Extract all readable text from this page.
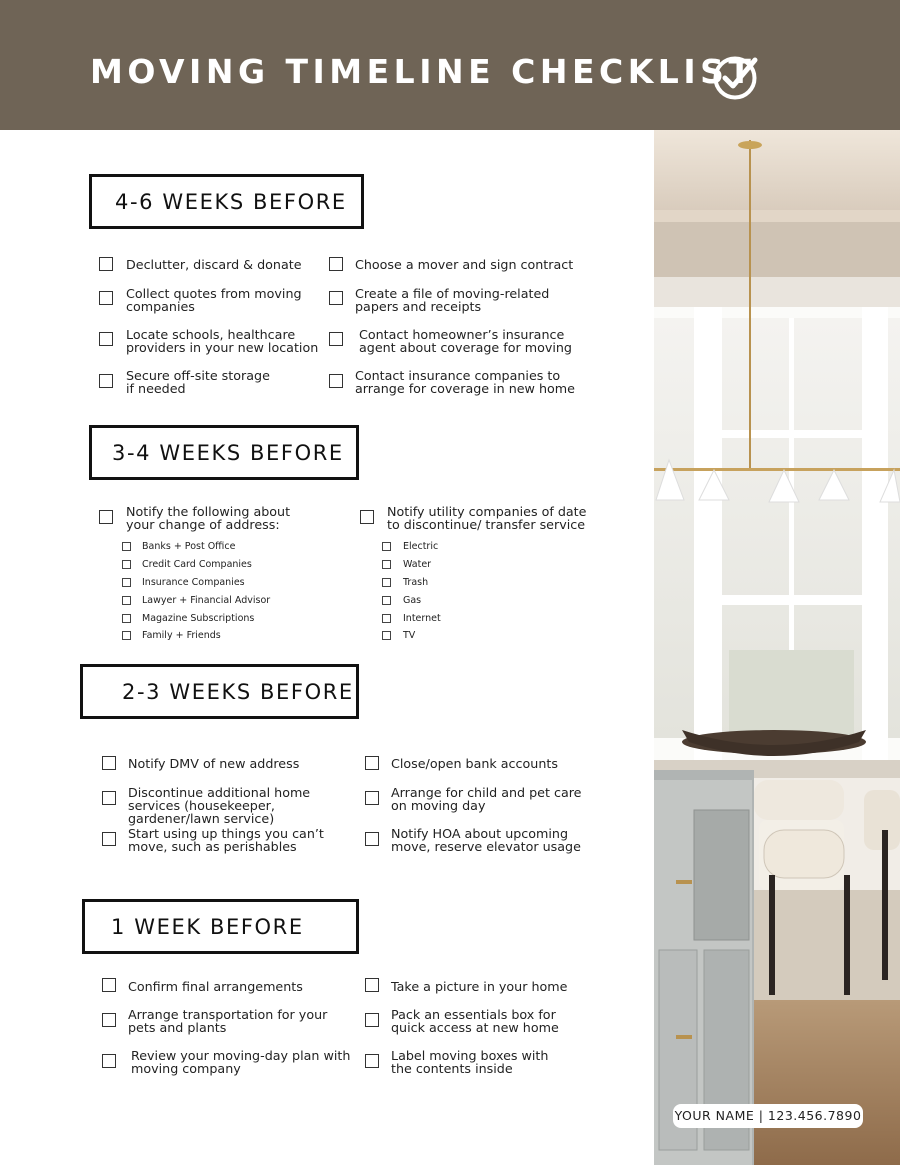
MOVING TIMELINE CHECKLIST
4-6 WEEKS BEFORE
Declutter, discard & donate	Choose a mover and sign contract
Collect quotes from moving
companies
Create a file of moving-related
papers and receipts
Locate schools, healthcare
providers in your new location
Contact homeowner’s insurance
agent about coverage for moving
Secure off-site storage
if needed
Contact insurance companies to
arrange for coverage in new home
3-4 WEEKS BEFORE
Notify the following about
your change of address:
Notify utility companies of date
to discontinue/ transfer service
Banks + Post Office
Credit Card Companies
Insurance Companies
Lawyer + Financial Advisor
Magazine Subscriptions
Family + Friends
Electric
Water
Trash
Gas
Internet
TV
2-3 WEEKS BEFORE
Notify DMV of new address	Close/open bank accounts
Discontinue additional home
services (housekeeper,
gardener/lawn service)
Arrange for child and pet care
on moving day
Start using up things you can’t
move, such as perishables
Notify HOA about upcoming
move, reserve elevator usage
1 WEEK BEFORE
Confirm final arrangements	Take a picture in your home
Arrange transportation for your
pets and plants
Pack an essentials box for
quick access at new home
Review your moving-day plan with
moving company
Label moving boxes with
the contents inside
YOUR NAME | 123.456.7890
